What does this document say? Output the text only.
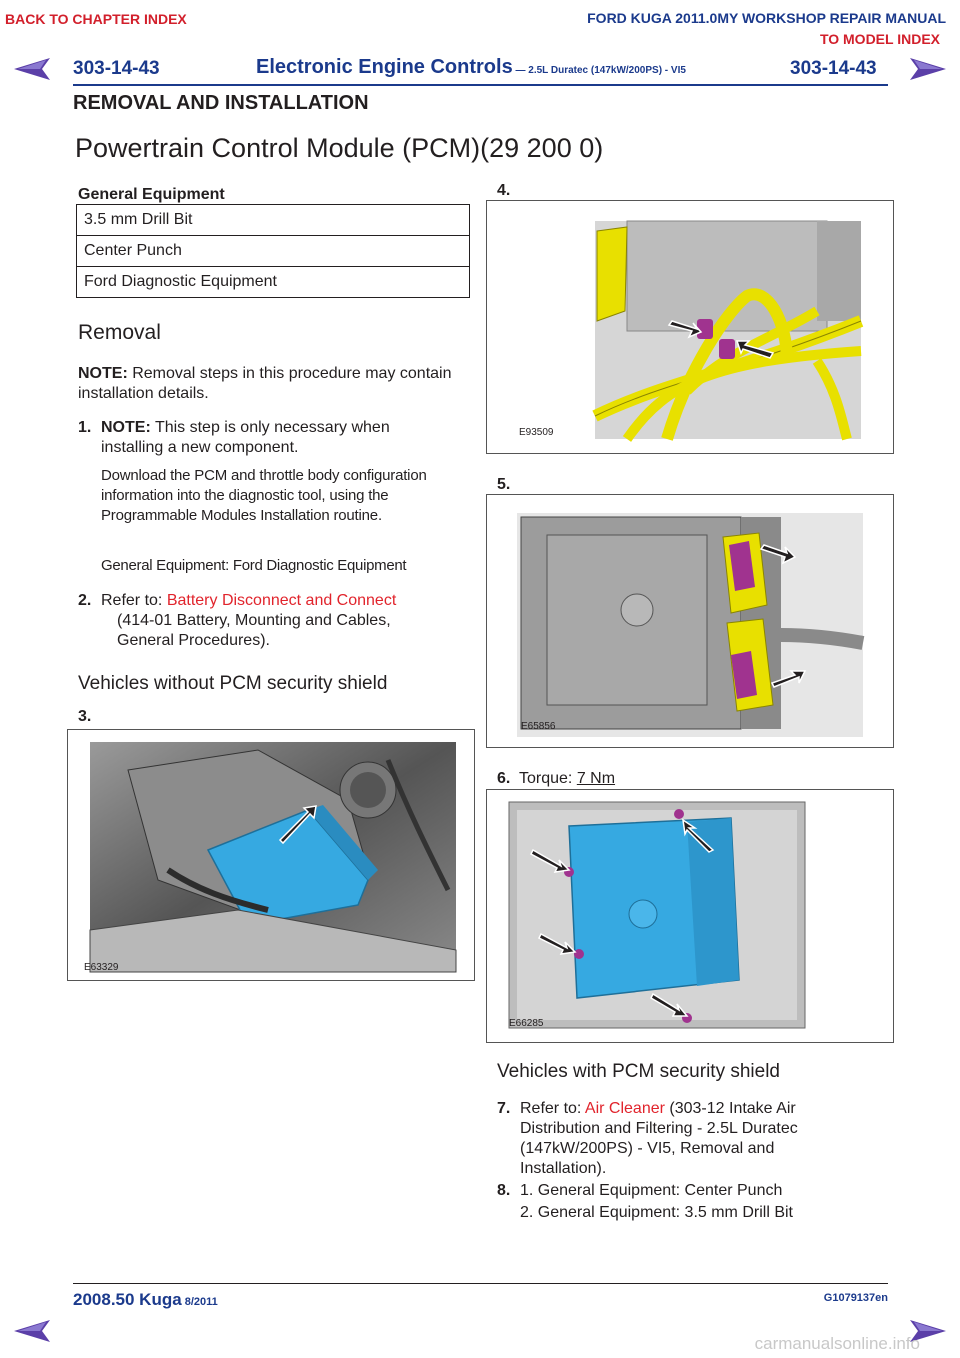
BACK TO CHAPTER INDEX	FORD KUGA 2011.0MY WORKSHOP REPAIR MANUAL
TO MODEL INDEX
303-14-43	Electronic Engine Controls — 2.5L Duratec (147kW/200PS) - VI5	303-14-43
REMOVAL AND INSTALLATION
Powertrain Control Module (PCM)(29 200 0)
General Equipment
3.5 mm Drill Bit
Center Punch
Ford Diagnostic Equipment
Removal
NOTE: Removal steps in this procedure may contain installation details.
1. NOTE: This step is only necessary when installing a new component.
Download the PCM and throttle body configuration information into the diagnostic tool, using the Programmable Modules Installation routine.
General Equipment: Ford Diagnostic Equipment
2. Refer to: Battery Disconnect and Connect
(414-01 Battery, Mounting and Cables, General Procedures).
Vehicles without PCM security shield
3.
E63329
4.
E93509
5.
E65856
6. Torque: 7 Nm
E66285
Vehicles with PCM security shield
7. Refer to: Air Cleaner (303-12 Intake Air Distribution and Filtering - 2.5L Duratec (147kW/200PS) - VI5, Removal and Installation).
8. 1. General Equipment: Center Punch
2. General Equipment: 3.5 mm Drill Bit
2008.50 Kuga 8/2011	G1079137en
carmanualsonline.info
